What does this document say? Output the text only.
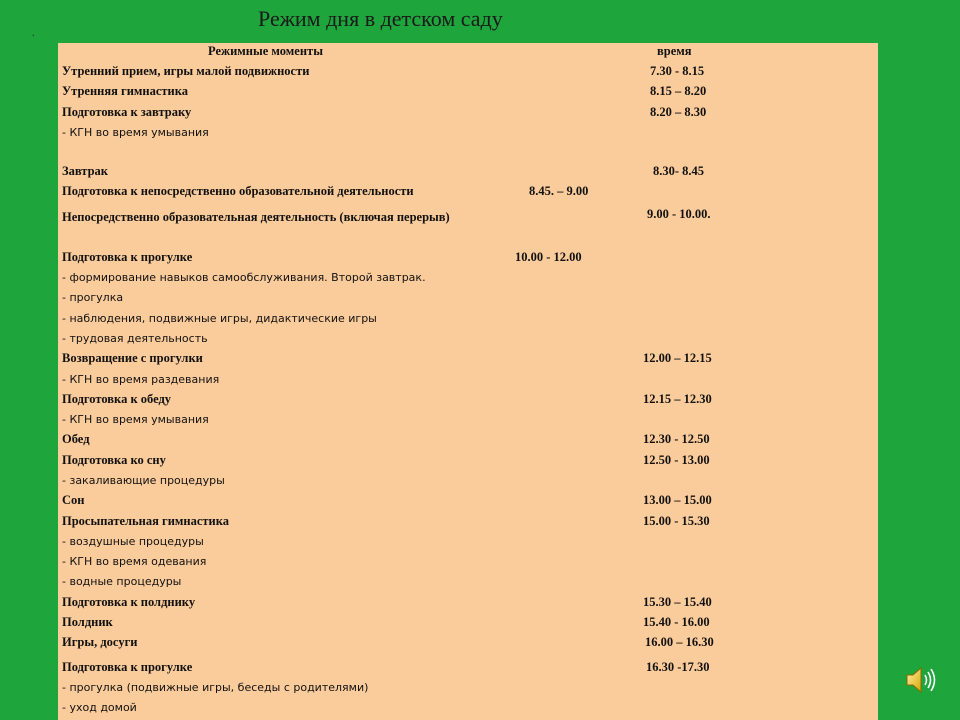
Режим дня в детском саду
.
Режимные моменты	время
Утренний прием, игры малой подвижности	7.30 - 8.15
Утренняя гимнастика	8.15 – 8.20
Подготовка к завтраку	8.20 – 8.30
- КГН во время умывания
Завтрак	8.30- 8.45
Подготовка к непосредственно образовательной деятельности	8.45. – 9.00
Непосредственно образовательная деятельность (включая перерыв)	9.00 - 10.00.
Подготовка к прогулке	10.00 - 12.00
- формирование навыков самообслуживания. Второй завтрак.
- прогулка
- наблюдения, подвижные игры, дидактические игры
- трудовая деятельность
Возвращение с прогулки	12.00 – 12.15
- КГН во время раздевания
Подготовка к обеду	12.15 – 12.30
- КГН во время умывания
Обед	12.30 - 12.50
Подготовка ко сну	12.50 - 13.00
- закаливающие процедуры
Сон	13.00 – 15.00
Просыпательная гимнастика	15.00 - 15.30
- воздушные процедуры
- КГН во время одевания
- водные процедуры
Подготовка к полднику	15.30 – 15.40
Полдник	15.40 - 16.00
Игры, досуги	16.00 – 16.30
Подготовка к прогулке	16.30 -17.30
- прогулка (подвижные игры, беседы с родителями)
- уход домой
